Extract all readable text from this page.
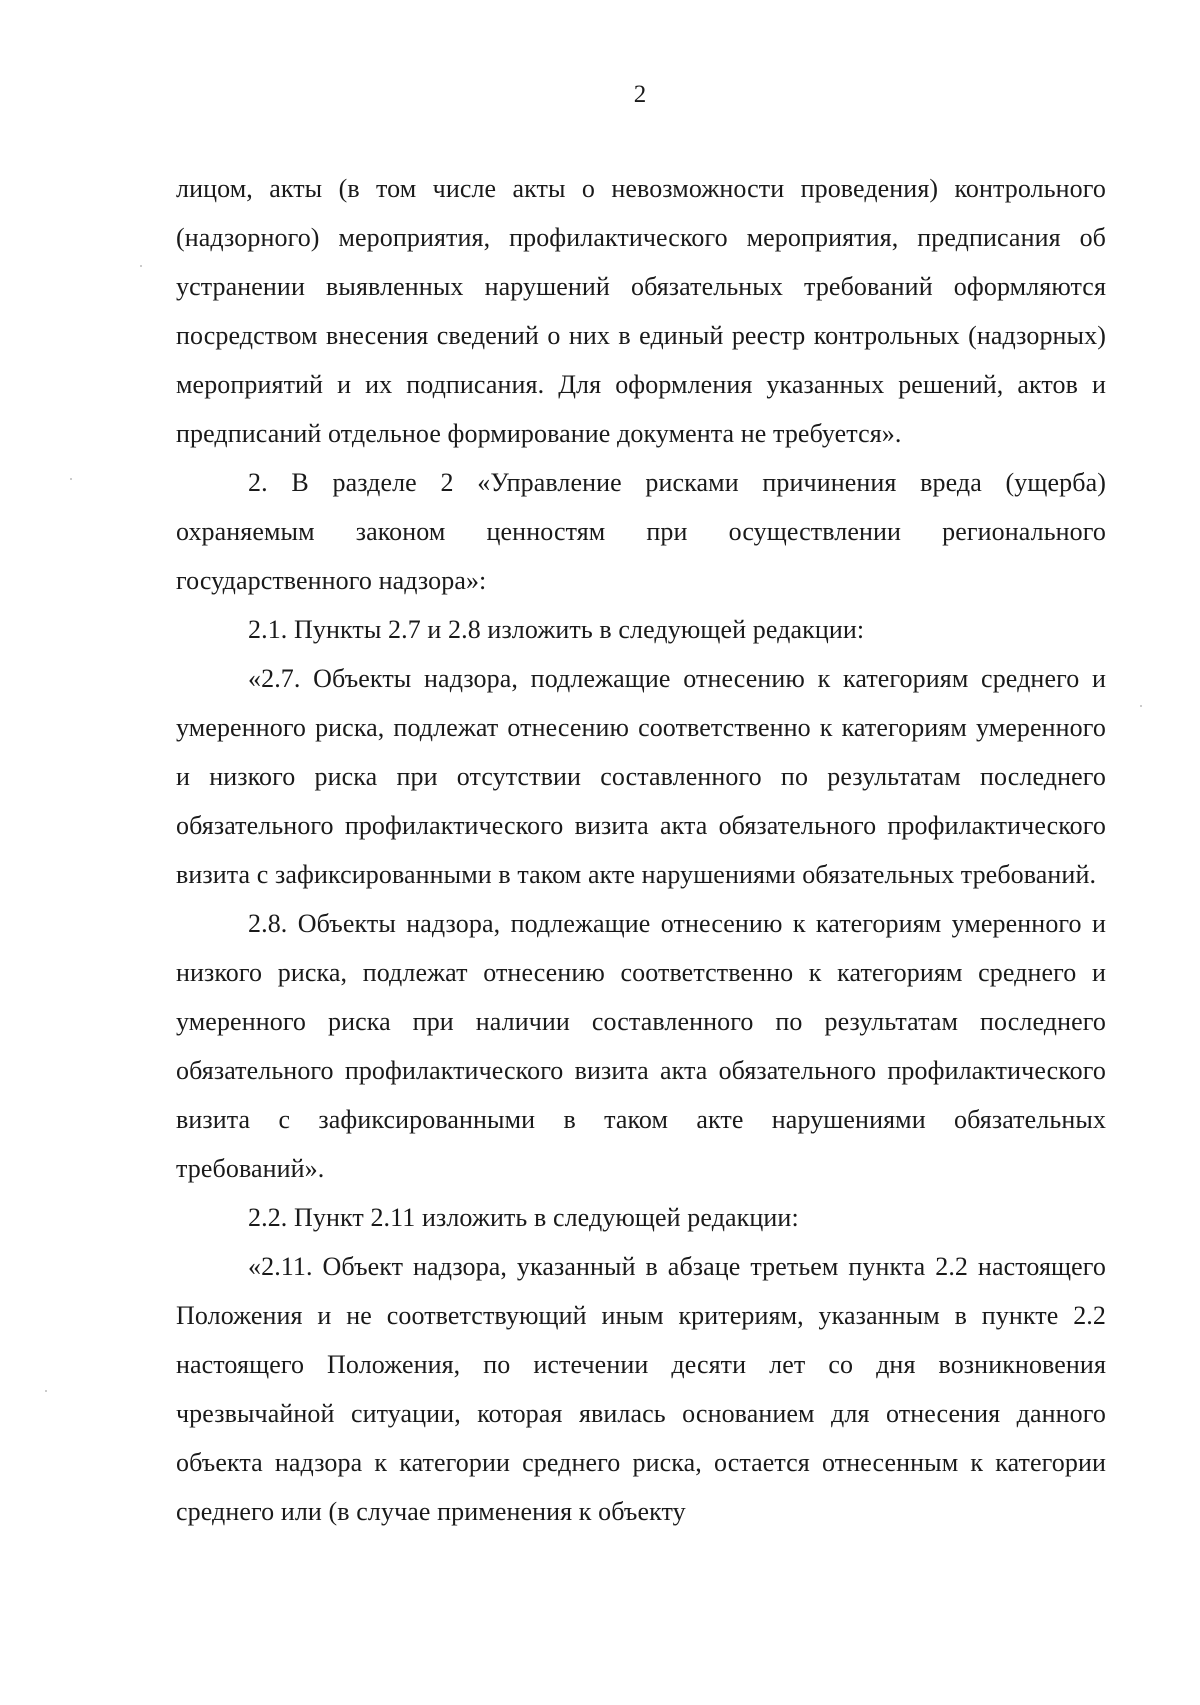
2

лицом, акты (в том числе акты о невозможности проведения) контрольного (надзорного) мероприятия, профилактического мероприятия, предписания об устранении выявленных нарушений обязательных требований оформляются посредством внесения сведений о них в единый реестр контрольных (надзорных) мероприятий и их подписания. Для оформления указанных решений, актов и предписаний отдельное формирование документа не требуется».

2. В разделе 2 «Управление рисками причинения вреда (ущерба) охраняемым законом ценностям при осуществлении регионального государственного надзора»:

2.1. Пункты 2.7 и 2.8 изложить в следующей редакции:

«2.7. Объекты надзора, подлежащие отнесению к категориям среднего и умеренного риска, подлежат отнесению соответственно к категориям умеренного и низкого риска при отсутствии составленного по результатам последнего обязательного профилактического визита акта обязательного профилактического визита с зафиксированными в таком акте нарушениями обязательных требований.

2.8. Объекты надзора, подлежащие отнесению к категориям умеренного и низкого риска, подлежат отнесению соответственно к категориям среднего и умеренного риска при наличии составленного по результатам последнего обязательного профилактического визита акта обязательного профилактического визита с зафиксированными в таком акте нарушениями обязательных требований».

2.2. Пункт 2.11 изложить в следующей редакции:

«2.11. Объект надзора, указанный в абзаце третьем пункта 2.2 настоящего Положения и не соответствующий иным критериям, указанным в пункте 2.2 настоящего Положения, по истечении десяти лет со дня возникновения чрезвычайной ситуации, которая явилась основанием для отнесения данного объекта надзора к категории среднего риска, остается отнесенным к категории среднего или (в случае применения к объекту
